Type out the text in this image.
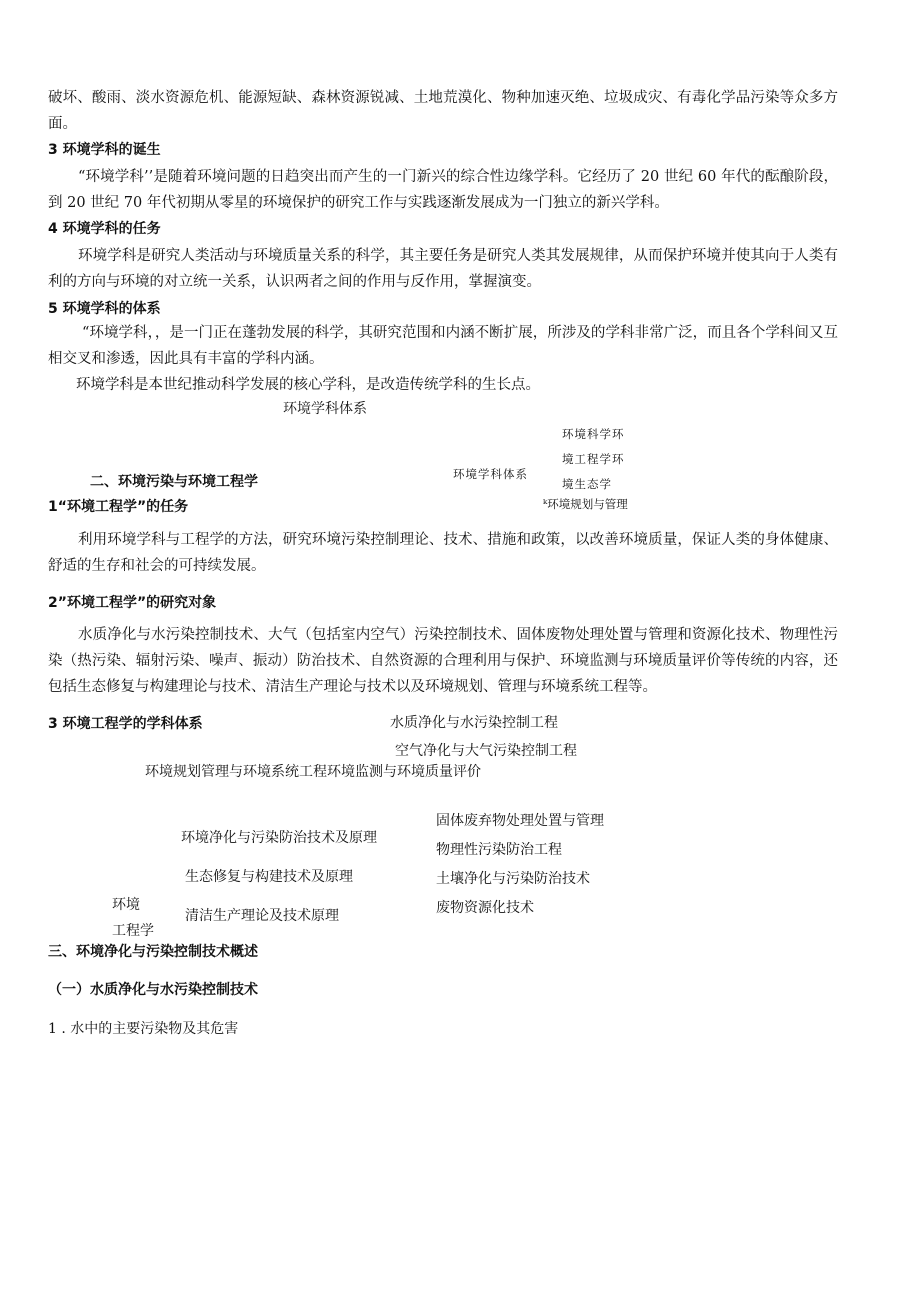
破坏、酸雨、淡水资源危机、能源短缺、森林资源锐减、土地荒漠化、物种加速灭绝、垃圾成灾、有毒化学品污染等众多方面。
3 环境学科的诞生
“环境学科’’是随着环境问题的日趋突出而产生的一门新兴的综合性边缘学科。它经历了 20 世纪 60 年代的酝酿阶段，到 20 世纪 70 年代初期从零星的环境保护的研究工作与实践逐渐发展成为一门独立的新兴学科。
4 环境学科的任务
环境学科是研究人类活动与环境质量关系的科学，其主要任务是研究人类其发展规律，从而保护环境并使其向于人类有利的方向与环境的对立统一关系，认识两者之间的作用与反作用，掌握演变。
5 环境学科的体系
“环境学科，，是一门正在蓬勃发展的科学，其研究范围和内涵不断扩展，所涉及的学科非常广泛，而且各个学科间又互相交叉和渗透，因此具有丰富的学科内涵。
环境学科是本世纪推动科学发展的核心学科，是改造传统学科的生长点。
环境学科体系
环境学科体系
环境科学环
境工程学环
境生态学
ᵏ环境规划与管理
二、环境污染与环境工程学
1“环境工程学”的任务
利用环境学科与工程学的方法，研究环境污染控制理论、技术、措施和政策，以改善环境质量，保证人类的身体健康、舒适的生存和社会的可持续发展。
2”环境工程学”的研究对象
水质净化与水污染控制技术、大气（包括室内空气）污染控制技术、固体废物处理处置与管理和资源化技术、物理性污染（热污染、辐射污染、噪声、振动）防治技术、自然资源的合理利用与保护、环境监测与环境质量评价等传统的内容，还包括生态修复与构建理论与技术、清洁生产理论与技术以及环境规划、管理与环境系统工程等。
3 环境工程学的学科体系	水质净化与水污染控制工程
空气净化与大气污染控制工程
环境规划管理与环境系统工程环境监测与环境质量评价
固体废弃物处理处置与管理
环境净化与污染防治技术及原理
物理性污染防治工程
生态修复与构建技术及原理	土壤净化与污染防治技术
环境	废物资源化技术
清洁生产理论及技术原理
工程学
三、环境净化与污染控制技术概述
（一）水质净化与水污染控制技术
1 . 水中的主要污染物及其危害
